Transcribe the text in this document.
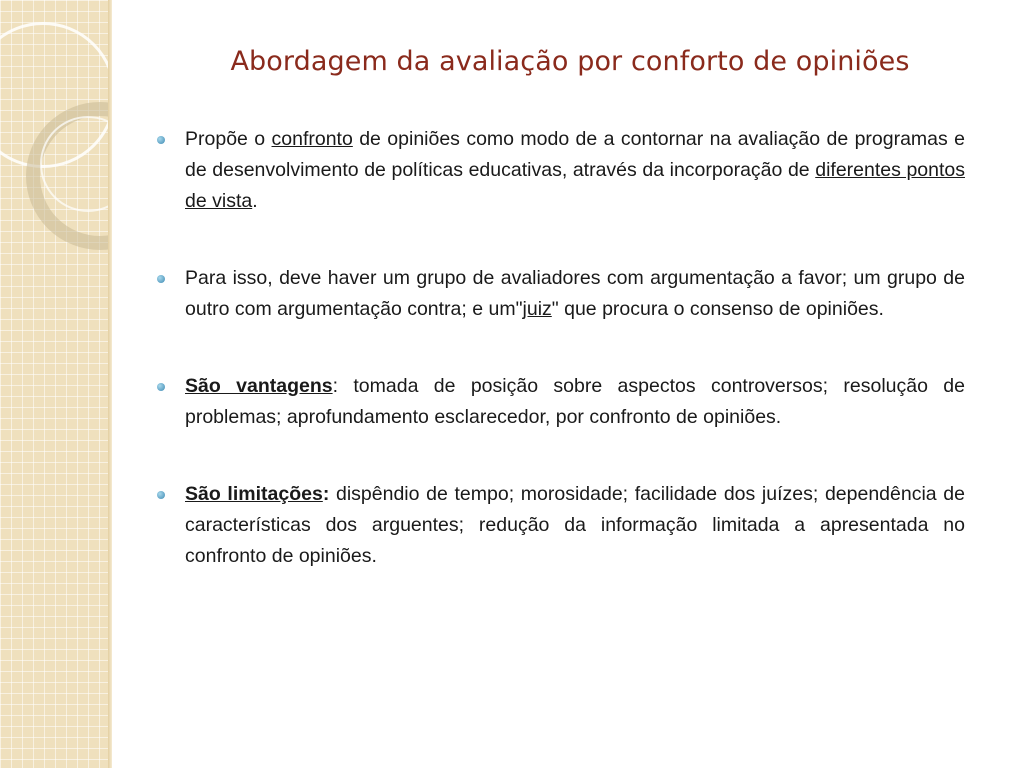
Abordagem da avaliação por conforto de opiniões
Propõe o confronto de opiniões como modo de a contornar na avaliação de programas e de desenvolvimento de políticas educativas, através da incorporação de diferentes pontos de vista.
Para isso, deve haver um grupo de avaliadores com argumentação a favor; um grupo de outro com argumentação contra; e um"juiz" que procura o consenso de opiniões.
São vantagens: tomada de posição sobre aspectos controversos; resolução de problemas; aprofundamento esclarecedor, por confronto de opiniões.
São limitações: dispêndio de tempo; morosidade; facilidade dos juízes; dependência de características dos arguentes; redução da informação limitada a apresentada no confronto de opiniões.
